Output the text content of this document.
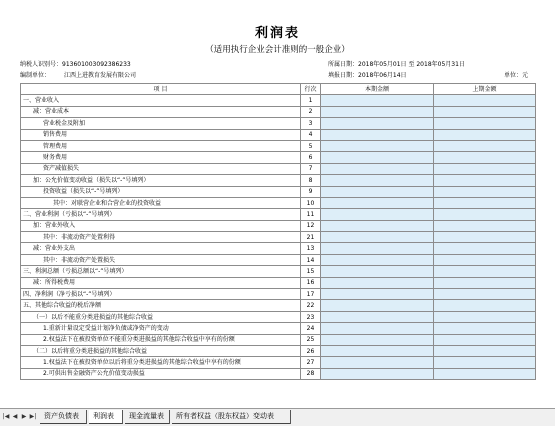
利润表
（适用执行企业会计准则的一般企业）
纳税人识别号：913601003092386233	所属日期：2018年05月01日 至 2018年05月31日
编制单位： 江西上进教育发展有限公司	填报日期：2018年06月14日	单位：元
项 目	行次	本期金额	上期金额
一、营业收入	1		
减：营业成本	2		
营业税金及附加	3		
销售费用	4		
管理费用	5		
财务费用	6		
资产减值损失	7		
加：公允价值变动收益（损失以“-”号填列）	8		
投资收益（损失以“-”号填列）	9		
其中：对联营企业和合营企业的投资收益	10		
二、营业利润（亏损以“-”号填列）	11		
加：营业外收入	12		
其中：非流动资产处置利得	21		
减：营业外支出	13		
其中：非流动资产处置损失	14		
三、利润总额（亏损总额以“-”号填列）	15		
减：所得税费用	16		
四、净利润（净亏损以“-”号填列）	17		
五、其他综合收益的税后净额	22		
（一）以后不能重分类进损益的其他综合收益	23		
1.重新计量设定受益计划净负债或净资产的变动	24		
2.权益法下在被投资单位不能重分类进损益的其他综合收益中享有的份额	25		
（二）以后将重分类进损益的其他综合收益	26		
1.权益法下在被投资单位以后将重分类进损益的其他综合收益中享有的份额	27		
2.可供出售金融资产公允价值变动损益	28		
|◀ ◀ ▶ ▶|	资产负债表	利润表	现金流量表	所有者权益（股东权益）变动表
